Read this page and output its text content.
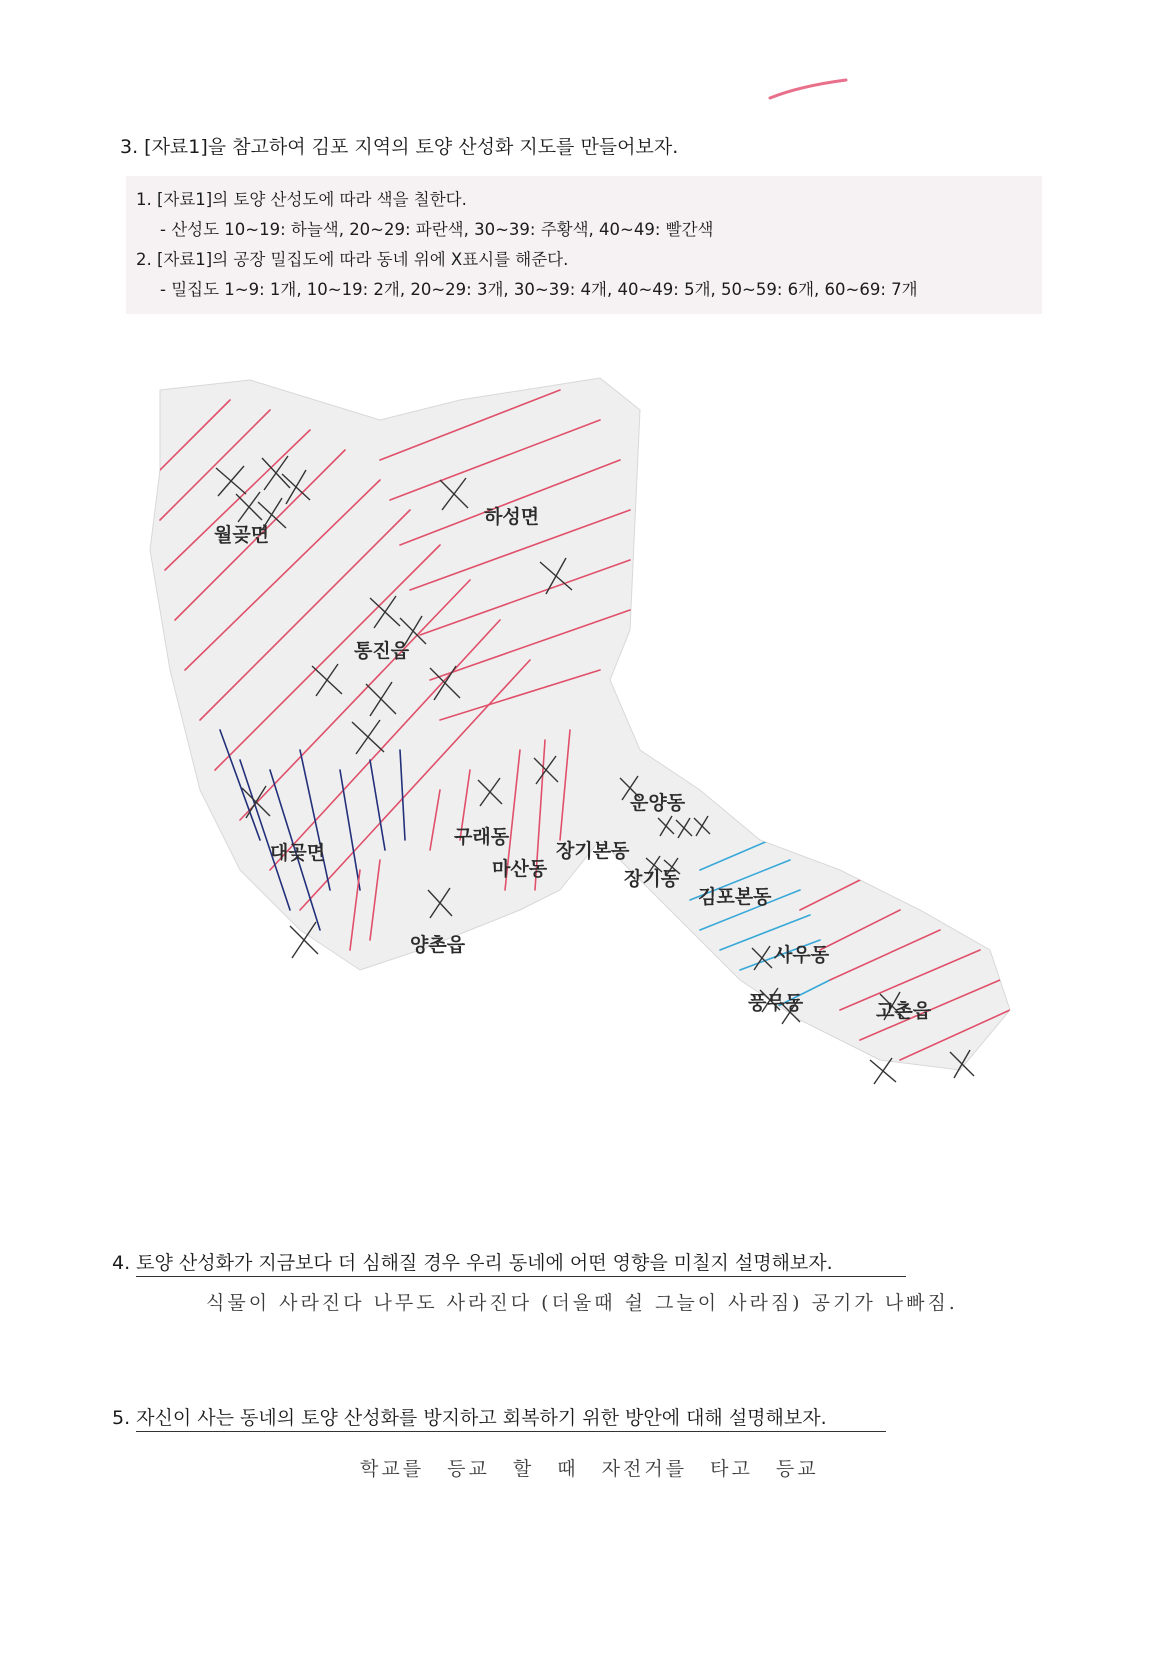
3. [자료1]을 참고하여 김포 지역의 토양 산성화 지도를 만들어보자.
1. [자료1]의 토양 산성도에 따라 색을 칠한다.
- 산성도 10~19: 하늘색, 20~29: 파란색, 30~39: 주황색, 40~49: 빨간색
2. [자료1]의 공장 밀집도에 따라 동네 위에 X표시를 해준다.
- 밀집도 1~9: 1개, 10~19: 2개, 20~29: 3개, 30~39: 4개, 40~49: 5개, 50~59: 6개, 60~69: 7개
월곶면
하성면
통진읍
대곶면
구래동
마산동
장기본동
운양동
장기동
김포본동
양촌읍	사우동
풍무동	고촌읍
4. 토양 산성화가 지금보다 더 심해질 경우 우리 동네에 어떤 영향을 미칠지 설명해보자.
식물이 사라진다 나무도 사라진다 (더울때 쉴 그늘이 사라짐) 공기가 나빠짐.
5. 자신이 사는 동네의 토양 산성화를 방지하고 회복하기 위한 방안에 대해 설명해보자.
학교를 등교 할 때 자전거를 타고 등교
